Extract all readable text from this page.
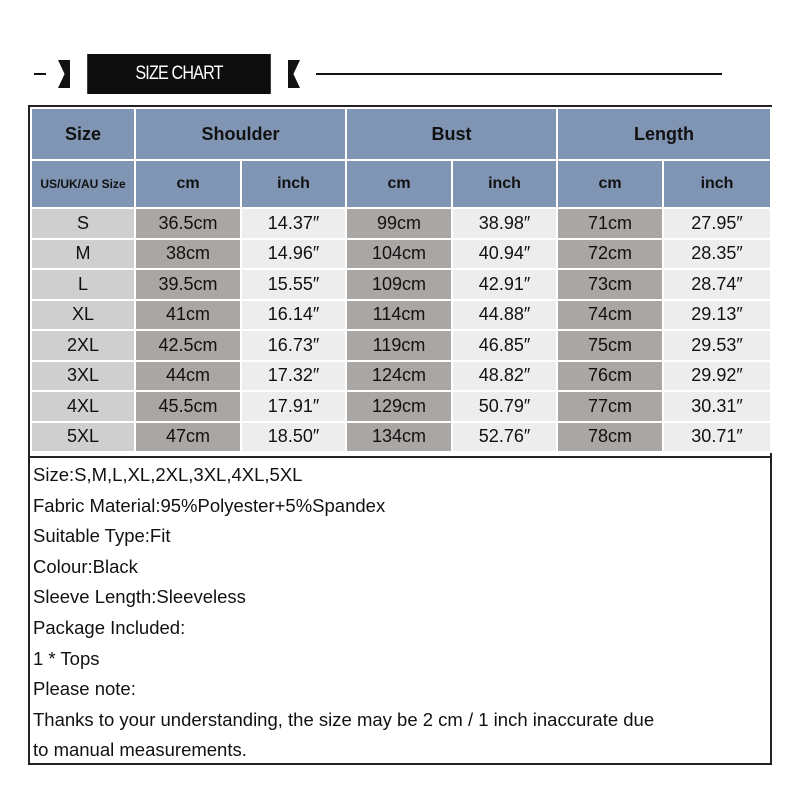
SIZE CHART
Size	Shoulder		Bust		Length	
US/UK/AU Size	cm	inch	cm	inch	cm	inch
S	36.5cm	14.37″	99cm	38.98″	71cm	27.95″
M	38cm	14.96″	104cm	40.94″	72cm	28.35″
L	39.5cm	15.55″	109cm	42.91″	73cm	28.74″
XL	41cm	16.14″	114cm	44.88″	74cm	29.13″
2XL	42.5cm	16.73″	119cm	46.85″	75cm	29.53″
3XL	44cm	17.32″	124cm	48.82″	76cm	29.92″
4XL	45.5cm	17.91″	129cm	50.79″	77cm	30.31″
5XL	47cm	18.50″	134cm	52.76″	78cm	30.71″

Size:S,M,L,XL,2XL,3XL,4XL,5XL

Fabric Material:95%Polyester+5%Spandex

Suitable Type:Fit

Colour:Black

Sleeve Length:Sleeveless

Package Included:

1 * Tops

Please note:

Thanks to your understanding, the size may be 2 cm / 1 inch inaccurate due

to manual measurements.
